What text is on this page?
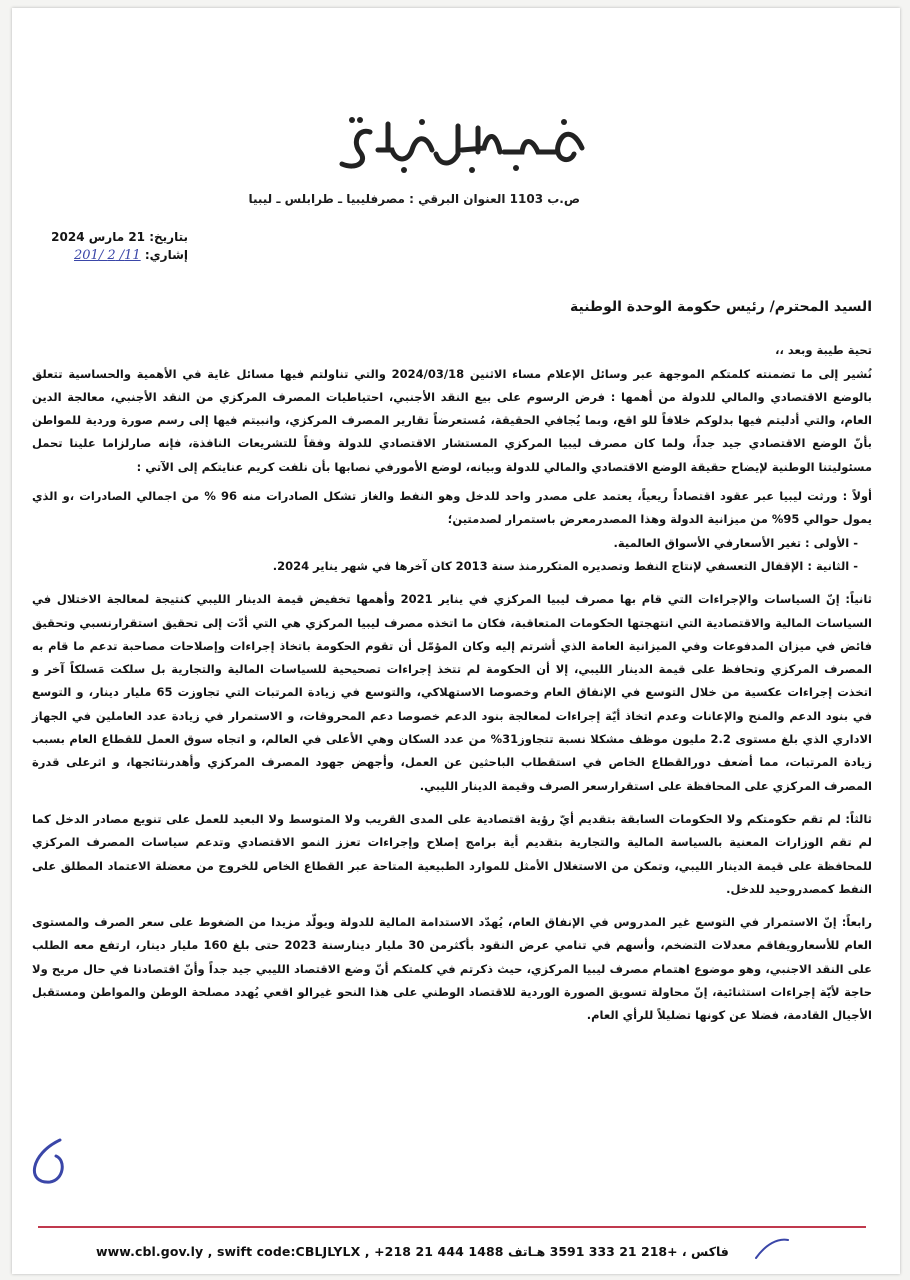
ص.ب 1103 العنوان البرقي : مصرفليبيا ـ طرابلس ـ ليبيا
بتاريخ: 21 مارس 2024
إشاري: 11/ 2 /201

السيد المحترم/ رئيس حكومة الوحدة الوطنية

تحية طيبة وبعد ،،

نُشير إلى ما تضمنته كلمتكم الموجهة عبر وسائل الإعلام مساء الاثنين 2024/03/18 والتي تناولتم فيها مسائل غاية في الأهمية والحساسية تتعلق بالوضع الاقتصادي والمالي للدولة من أهمها : فرض الرسوم على بيع النقد الأجنبي، احتياطيات المصرف المركزي من النقد الأجنبي، معالجة الدين العام، والتي أدليتم فيها بدلوكم خلافاً للو اقع، وبما يُجافي الحقيقة، مُستعرضاً تقارير المصرف المركزي، وانبيتم فيها إلى رسم صورة وردية للمواطن بأنّ الوضع الاقتصادي جيد جداً، ولما كان مصرف ليبيا المركزي المستشار الاقتصادي للدولة وفقاً للتشريعات النافذة، فإنه صارلزاما علينا تحمل مسئوليتنا الوطنية لإيضاح حقيقة الوضع الاقتصادي والمالي للدولة وبيانه، لوضع الأمورفي نصابها بأن نلفت كريم عنايتكم إلى الآتي :

أولاً : ورثت ليبيا عبر عقود اقتصاداً ريعياً، يعتمد على مصدر واحد للدخل وهو النفط والغاز تشكل الصادرات منه 96 % من اجمالي الصادرات ،و الذي يمول حوالي 95% من ميزانية الدولة وهذا المصدرمعرض باستمرار لصدمتين؛

- الأولى : تغير الأسعارفي الأسواق العالمية.

- الثانية : الإقفال التعسفي لإنتاج النفط وتصديره المتكررمنذ سنة 2013 كان آخرها في شهر يناير 2024.

ثانياً: إنّ السياسات والإجراءات التي قام بها مصرف ليبيا المركزي في يناير 2021 وأهمها تخفيض قيمة الدينار الليبي كنتيجة لمعالجة الاختلال في السياسات المالية والاقتصادية التي انتهجتها الحكومات المتعاقبة، فكان ما اتخذه مصرف ليبيا المركزي هي التي أدّت إلى تحقيق استقرارنسبي وتحقيق فائض في ميزان المدفوعات وفي الميزانية العامة الذي أشرتم إليه وكان المؤمّل أن تقوم الحكومة باتخاذ إجراءات وإصلاحات مصاحبة تدعم ما قام به المصرف المركزي وتحافظ على قيمة الدينار الليبي، إلا أن الحكومة لم تتخذ إجراءات تصحيحية للسياسات المالية والتجارية بل سلكت مَسلكاً آخر و اتخذت إجراءات عكسية من خلال التوسع في الإنفاق العام وخصوصا الاستهلاكي، والتوسع في زيادة المرتبات التي تجاوزت 65 مليار دينار، و التوسع في بنود الدعم والمنح والإعانات وعدم اتخاذ أيّة إجراءات لمعالجة بنود الدعم خصوصا دعم المحروقات، و الاستمرار في زيادة عدد العاملين في الجهاز الاداري الذي بلغ مستوى 2.2 مليون موظف مشكلا نسبة تتجاوز31% من عدد السكان وهي الأعلى في العالم، و اتجاه سوق العمل للقطاع العام بسبب زيادة المرتبات، مما أضعف دورالقطاع الخاص في استقطاب الباحثين عن العمل، وأجهض جهود المصرف المركزي وأهدرنتائجها، و اثرعلى قدرة المصرف المركزي على المحافظة على استقرارسعر الصرف وقيمة الدينار الليبي.

ثالثاً: لم تقم حكومتكم ولا الحكومات السابقة بتقديم أيّ رؤية اقتصادية على المدى القريب ولا المتوسط ولا البعيد للعمل على تنويع مصادر الدخل كما لم تقم الوزارات المعنية بالسياسة المالية والتجارية بتقديم أية برامج إصلاح وإجراءات تعزز النمو الاقتصادي وتدعم سياسات المصرف المركزي للمحافظة على قيمة الدينار الليبي، وتمكن من الاستغلال الأمثل للموارد الطبيعية المتاحة عبر القطاع الخاص للخروج من معضلة الاعتماد المطلق على النفط كمصدروحيد للدخل.

رابعاً: إنّ الاستمرار في التوسع غير المدروس في الإنفاق العام، يُهدّد الاستدامة المالية للدولة ويولّد مزيدا من الضغوط على سعر الصرف والمستوى العام للأسعارويفاقم معدلات التضخم، وأسهم في تنامي عرض النقود بأكثرمن 30 مليار دينارسنة 2023 حتى بلغ 160 مليار دينار، ارتفع معه الطلب على النقد الاجنبي، وهو موضوع اهتمام مصرف ليبيا المركزي، حيث ذكرتم في كلمتكم أنّ وضع الاقتصاد الليبي جيد جداً وأنّ اقتصادنا في حال مريح ولا حاجة لأيّة إجراءات استثنائية، إنّ محاولة تسويق الصورة الوردية للاقتصاد الوطني على هذا النحو غيرالو اقعي يُهدد مصلحة الوطن والمواطن ومستقبل الأجيال القادمة، فضلا عن كونها تضليلاً للرأي العام.

www.cbl.gov.ly , swift code:CBLJLYLX , +218 21 444 1488 فاكس ، +218 21 333 3591 هـاتف
